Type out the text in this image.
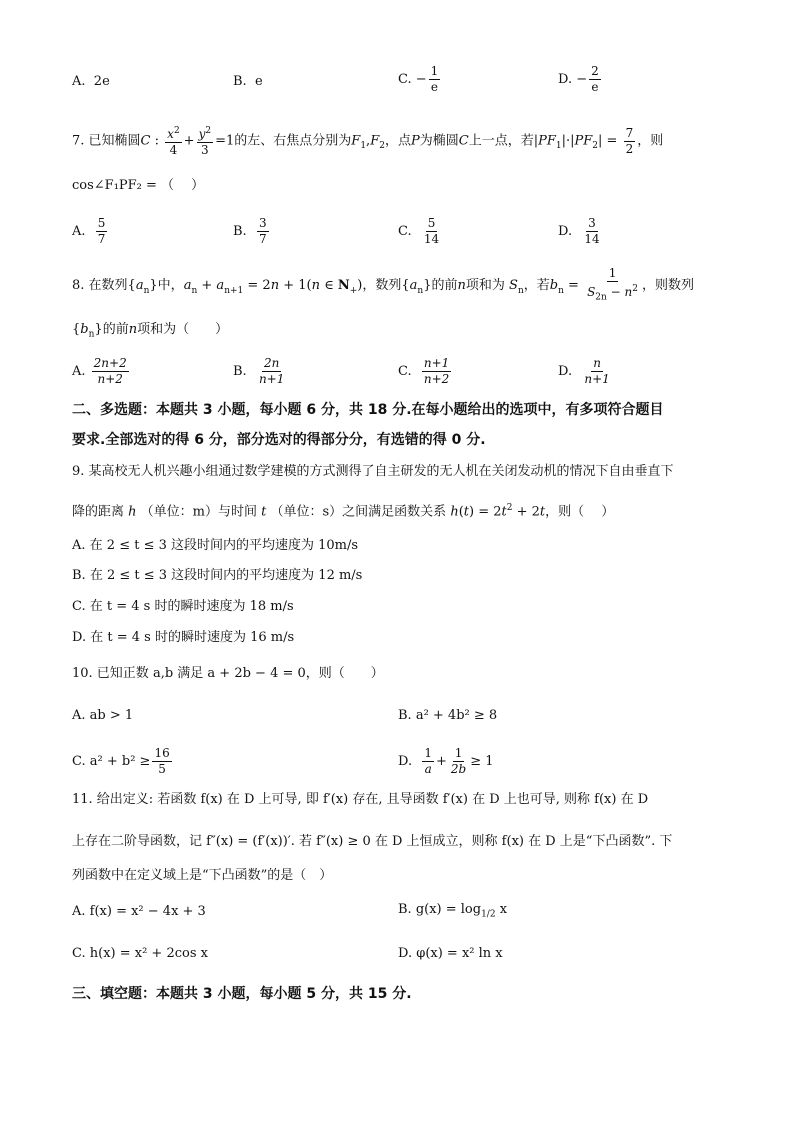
A. 2e	B. e	C. − $\frac{1}{e}$	D. − $\frac{2}{e}$
7. 已知椭圆C : $\frac{x^2}{4} + \frac{y^2}{3} =1$的左、右焦点分别为$F_1,F_2$，点P为椭圆C上一点，若$|PF_1|\cdot|PF_2| = \frac{7}{2}$ ，则
cos∠F₁PF₂ = （　 ）
A. $\frac{5}{7}$	B. $\frac{3}{7}$	C. $\frac{5}{14}$	D. $\frac{3}{14}$
8. 在数列$\{a_n\}$中，$a_n + a_{n+1} = 2n + 1(n$ ∈ $N_+$)，数列$\{a_n\}$的前n项和为 $S_n$，若$b_n = \frac{1}{S_{2n} - n^2}$ ，则数列
$\{b_n\}$的前n项和为（　　）
A. $\frac{2n+2}{n+2}$	B. $\frac{2n}{n+1}$	C. $\frac{n+1}{n+2}$	D. $\frac{n}{n+1}$
二、多选题：本题共 3 小题，每小题 6 分，共 18 分.在每小题给出的选项中，有多项符合题目
要求.全部选对的得 6 分，部分选对的得部分分，有选错的得 0 分.
9. 某高校无人机兴趣小组通过数学建模的方式测得了自主研发的无人机在关闭发动机的情况下自由垂直下
降的距离 h （单位：m）与时间 t （单位：s）之间满足函数关系 $h(t) = 2t^2 + 2t$，则（　 ）
A. 在 2 ≤ t ≤ 3 这段时间内的平均速度为 10m/s
B. 在 2 ≤ t ≤ 3 这段时间内的平均速度为 12 m/s
C. 在 t = 4 s 时的瞬时速度为 18 m/s
D. 在 t = 4 s 时的瞬时速度为 16 m/s
10. 已知正数 a,b 满足 a + 2b − 4 = 0，则（　　）
A. ab > 1	B. a² + 4b² ≥ 8
C. $a^2 + b^2 \ge \frac{16}{5}$	D. $\frac{1}{a} + \frac{1}{2b} \ge 1$
11. 给出定义: 若函数 f(x) 在 D 上可导, 即 f′(x) 存在, 且导函数 f′(x) 在 D 上也可导, 则称 f(x) 在 D
上存在二阶导函数，记 f″(x) = (f′(x))′. 若 f″(x) ≥ 0 在 D 上恒成立，则称 f(x) 在 D 上是“下凸函数”. 下
列函数中在定义域上是“下凸函数”的是（　）
A. f(x) = x² − 4x + 3	B. $g(x) = \log_{1/2} x$
C. h(x) = x² + 2cos x	D. φ(x) = x² ln x
三、填空题：本题共 3 小题，每小题 5 分，共 15 分.
